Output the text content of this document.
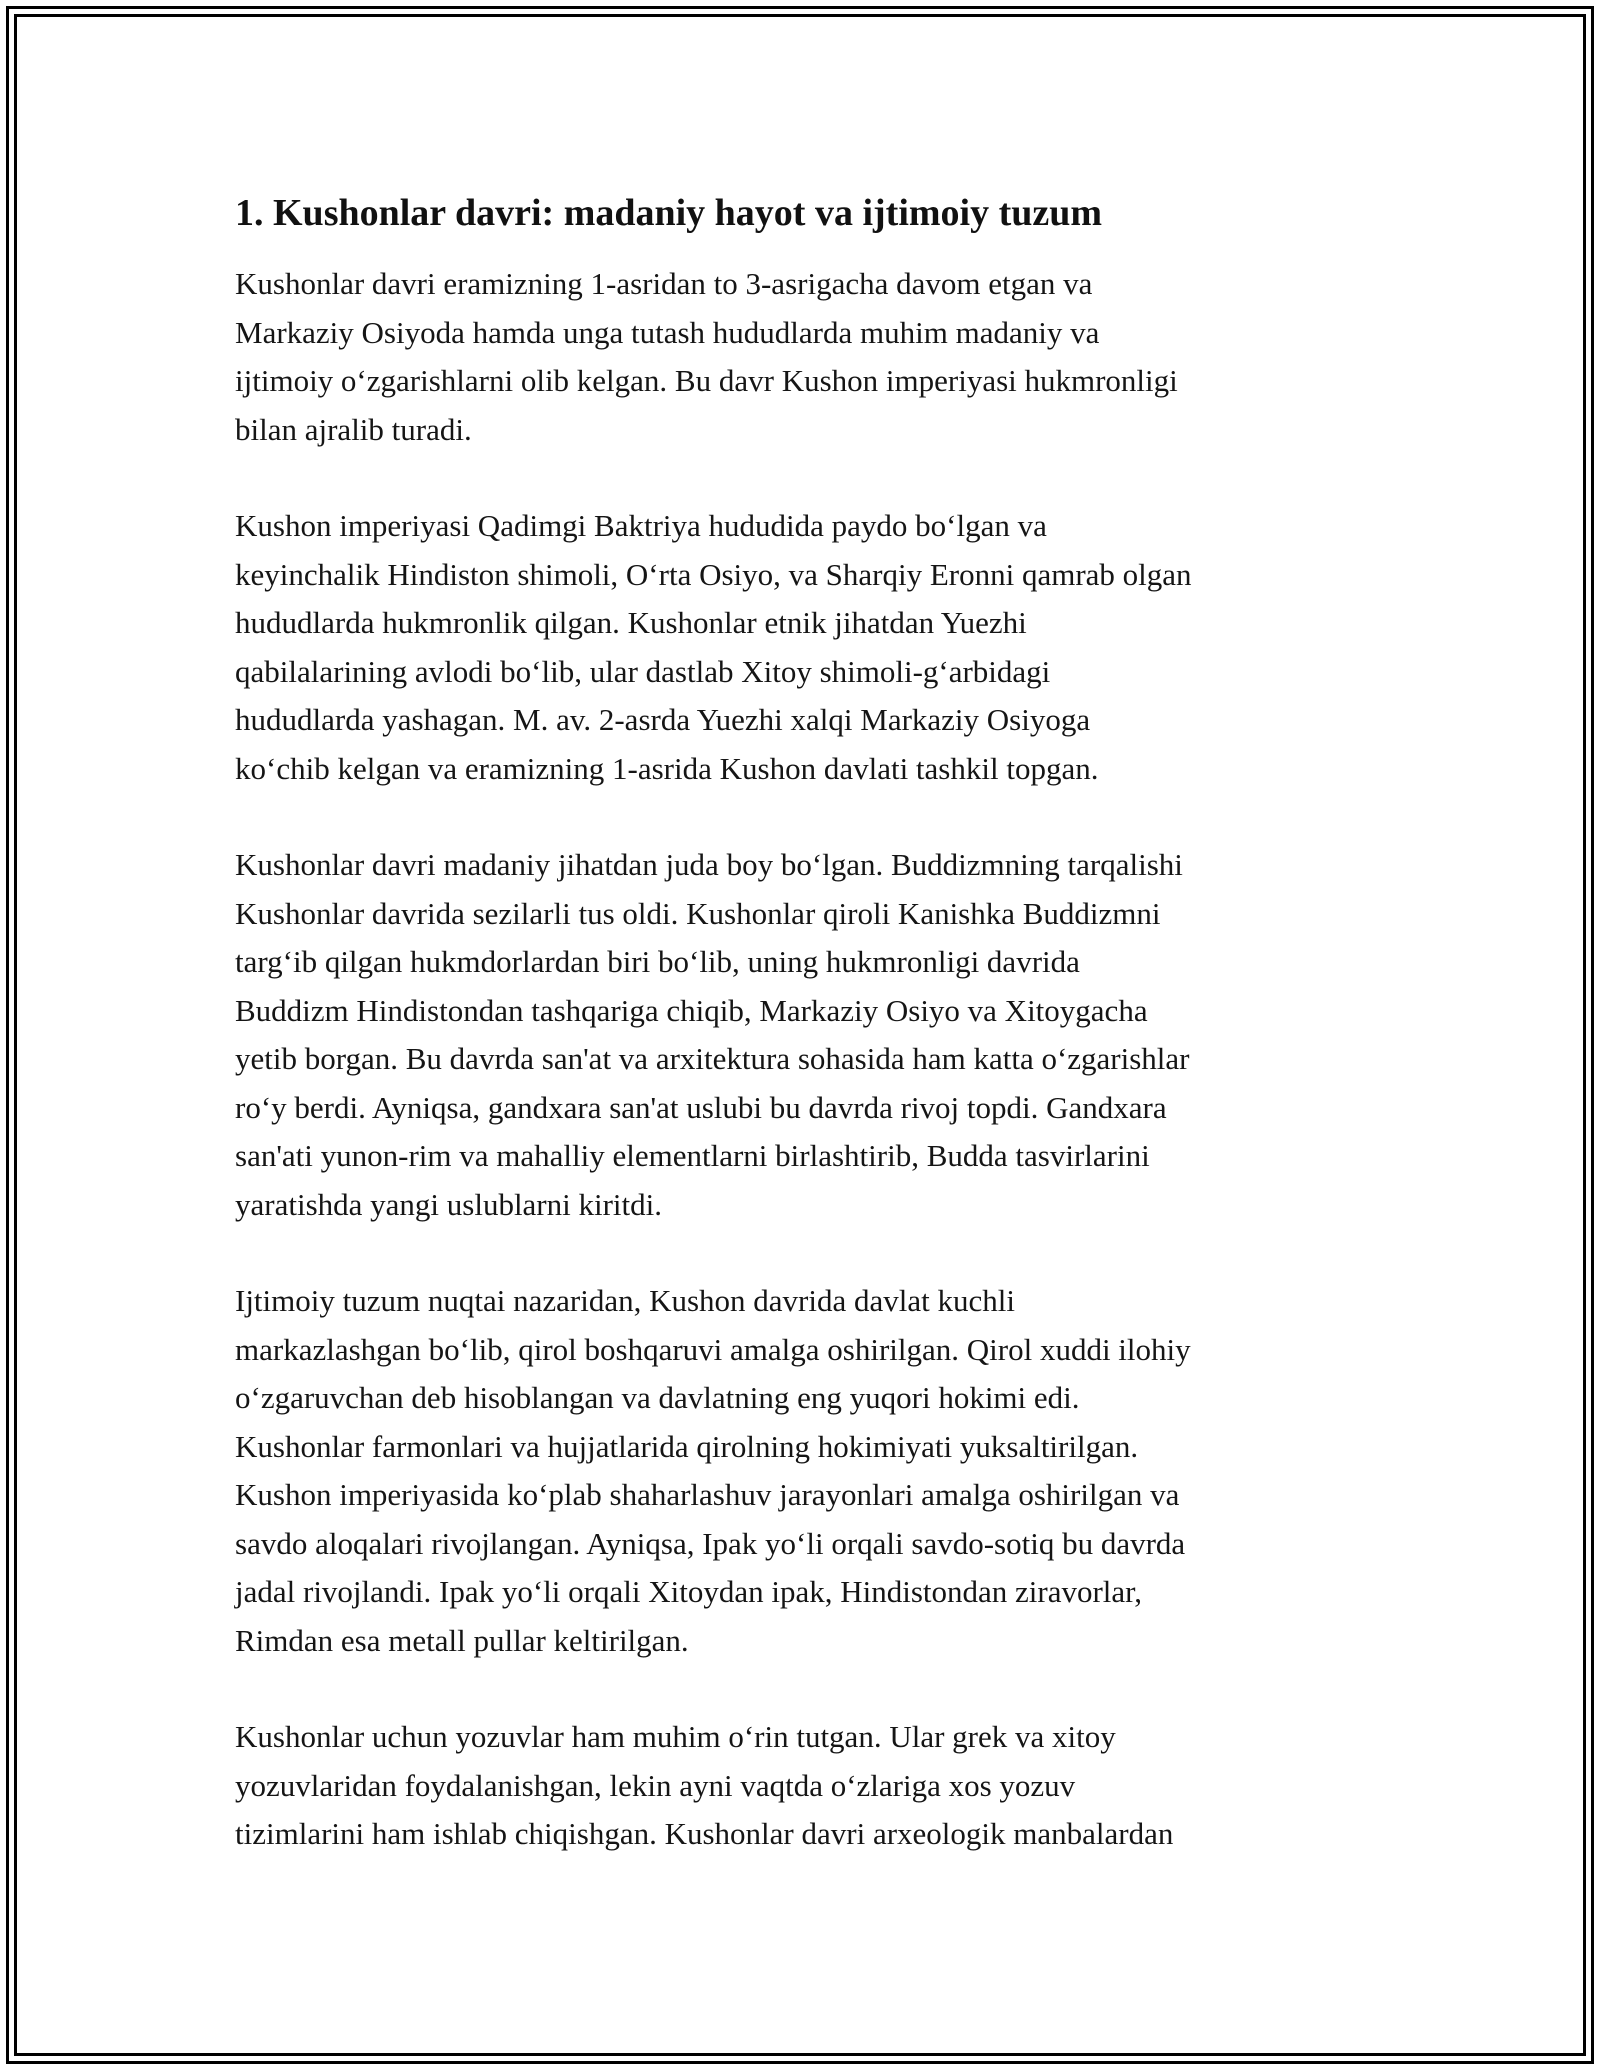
1. Kushonlar davri: madaniy hayot va ijtimoiy tuzum

Kushonlar davri eramizning 1-asridan to 3-asrigacha davom etgan va
Markaziy Osiyoda hamda unga tutash hududlarda muhim madaniy va
ijtimoiy o‘zgarishlarni olib kelgan. Bu davr Kushon imperiyasi hukmronligi
bilan ajralib turadi.

Kushon imperiyasi Qadimgi Baktriya hududida paydo bo‘lgan va
keyinchalik Hindiston shimoli, O‘rta Osiyo, va Sharqiy Eronni qamrab olgan
hududlarda hukmronlik qilgan. Kushonlar etnik jihatdan Yuezhi
qabilalarining avlodi bo‘lib, ular dastlab Xitoy shimoli-g‘arbidagi
hududlarda yashagan. M. av. 2-asrda Yuezhi xalqi Markaziy Osiyoga
ko‘chib kelgan va eramizning 1-asrida Kushon davlati tashkil topgan.

Kushonlar davri madaniy jihatdan juda boy bo‘lgan. Buddizmning tarqalishi
Kushonlar davrida sezilarli tus oldi. Kushonlar qiroli Kanishka Buddizmni
targ‘ib qilgan hukmdorlardan biri bo‘lib, uning hukmronligi davrida
Buddizm Hindistondan tashqariga chiqib, Markaziy Osiyo va Xitoygacha
yetib borgan. Bu davrda san'at va arxitektura sohasida ham katta o‘zgarishlar
ro‘y berdi. Ayniqsa, gandxara san'at uslubi bu davrda rivoj topdi. Gandxara
san'ati yunon-rim va mahalliy elementlarni birlashtirib, Budda tasvirlarini
yaratishda yangi uslublarni kiritdi.

Ijtimoiy tuzum nuqtai nazaridan, Kushon davrida davlat kuchli
markazlashgan bo‘lib, qirol boshqaruvi amalga oshirilgan. Qirol xuddi ilohiy
o‘zgaruvchan deb hisoblangan va davlatning eng yuqori hokimi edi.
Kushonlar farmonlari va hujjatlarida qirolning hokimiyati yuksaltirilgan.
Kushon imperiyasida ko‘plab shaharlashuv jarayonlari amalga oshirilgan va
savdo aloqalari rivojlangan. Ayniqsa, Ipak yo‘li orqali savdo-sotiq bu davrda
jadal rivojlandi. Ipak yo‘li orqali Xitoydan ipak, Hindistondan ziravorlar,
Rimdan esa metall pullar keltirilgan.

Kushonlar uchun yozuvlar ham muhim o‘rin tutgan. Ular grek va xitoy
yozuvlaridan foydalanishgan, lekin ayni vaqtda o‘zlariga xos yozuv
tizimlarini ham ishlab chiqishgan. Kushonlar davri arxeologik manbalardan
